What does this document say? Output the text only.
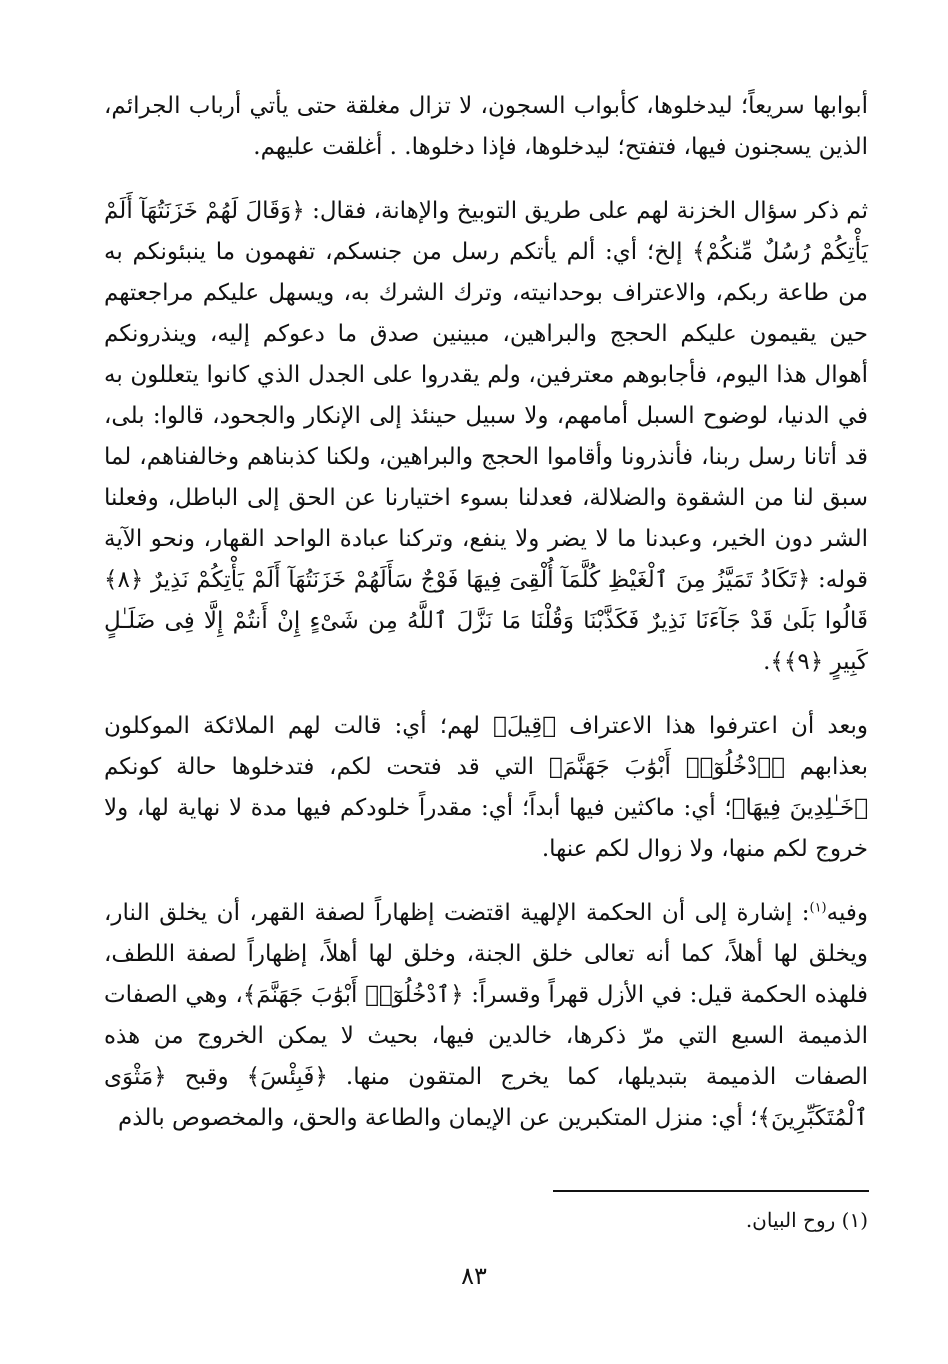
أبوابها سريعاً؛ ليدخلوها، كأبواب السجون، لا تزال مغلقة حتى يأتي أرباب الجرائم، الذين يسجنون فيها، فتفتح؛ ليدخلوها، فإذا دخلوها. . أغلقت عليهم.

ثم ذكر سؤال الخزنة لهم على طريق التوبيخ والإهانة، فقال: ﴿وَقَالَ لَهُمْ خَزَنَتُهَآ أَلَمْ يَأْتِكُمْ رُسُلٌ مِّنكُمْ﴾ إلخ؛ أي: ألم يأتكم رسل من جنسكم، تفهمون ما ينبئونكم به من طاعة ربكم، والاعتراف بوحدانيته، وترك الشرك به، ويسهل عليكم مراجعتهم حين يقيمون عليكم الحجج والبراهين، مبينين صدق ما دعوكم إليه، وينذرونكم أهوال هذا اليوم، فأجابوهم معترفين، ولم يقدروا على الجدل الذي كانوا يتعللون به في الدنيا، لوضوح السبل أمامهم، ولا سبيل حينئذ إلى الإنكار والجحود، قالوا: بلى، قد أتانا رسل ربنا، فأنذرونا وأقاموا الحجج والبراهين، ولكنا كذبناهم وخالفناهم، لما سبق لنا من الشقوة والضلالة، فعدلنا بسوء اختيارنا عن الحق إلى الباطل، وفعلنا الشر دون الخير، وعبدنا ما لا يضر ولا ينفع، وتركنا عبادة الواحد القهار، ونحو الآية قوله: ﴿تَكَادُ تَمَيَّزُ مِنَ ٱلْغَيْظِ كُلَّمَآ أُلْقِىَ فِيهَا فَوْجٌ سَأَلَهُمْ خَزَنَتُهَآ أَلَمْ يَأْتِكُمْ نَذِيرٌ ﴿٨﴾ قَالُوا بَلَىٰ قَدْ جَآءَنَا نَذِيرٌ فَكَذَّبْنَا وَقُلْنَا مَا نَزَّلَ ٱللَّهُ مِن شَىْءٍ إِنْ أَنتُمْ إِلَّا فِى ضَلَـٰلٍ كَبِيرٍ ﴿٩﴾﴾.

وبعد أن اعترفوا هذا الاعتراف ﴿قِيلَ﴾ لهم؛ أي: قالت لهم الملائكة الموكلون بعذابهم ﴿ٱدْخُلُوٓا۟ أَبْوَٰبَ جَهَنَّمَ﴾ التي قد فتحت لكم، فتدخلوها حالة كونكم ﴿خَـٰلِدِينَ فِيهَا﴾؛ أي: ماكثين فيها أبداً؛ أي: مقدراً خلودكم فيها مدة لا نهاية لها، ولا خروج لكم منها، ولا زوال لكم عنها.

وفيه$^{(١)}$: إشارة إلى أن الحكمة الإلهية اقتضت إظهاراً لصفة القهر، أن يخلق النار، ويخلق لها أهلاً، كما أنه تعالى خلق الجنة، وخلق لها أهلاً، إظهاراً لصفة اللطف، فلهذه الحكمة قيل: في الأزل قهراً وقسراً: ﴿ٱدْخُلُوٓا۟ أَبْوَٰبَ جَهَنَّمَ﴾، وهي الصفات الذميمة السبع التي مرّ ذكرها، خالدين فيها، بحيث لا يمكن الخروج من هذه الصفات الذميمة بتبديلها، كما يخرج المتقون منها. ﴿فَبِئْسَ﴾ وقبح ﴿مَثْوَى ٱلْمُتَكَبِّرِينَ﴾؛ أي: منزل المتكبرين عن الإيمان والطاعة والحق، والمخصوص بالذم

(١) روح البيان.
٨٣
